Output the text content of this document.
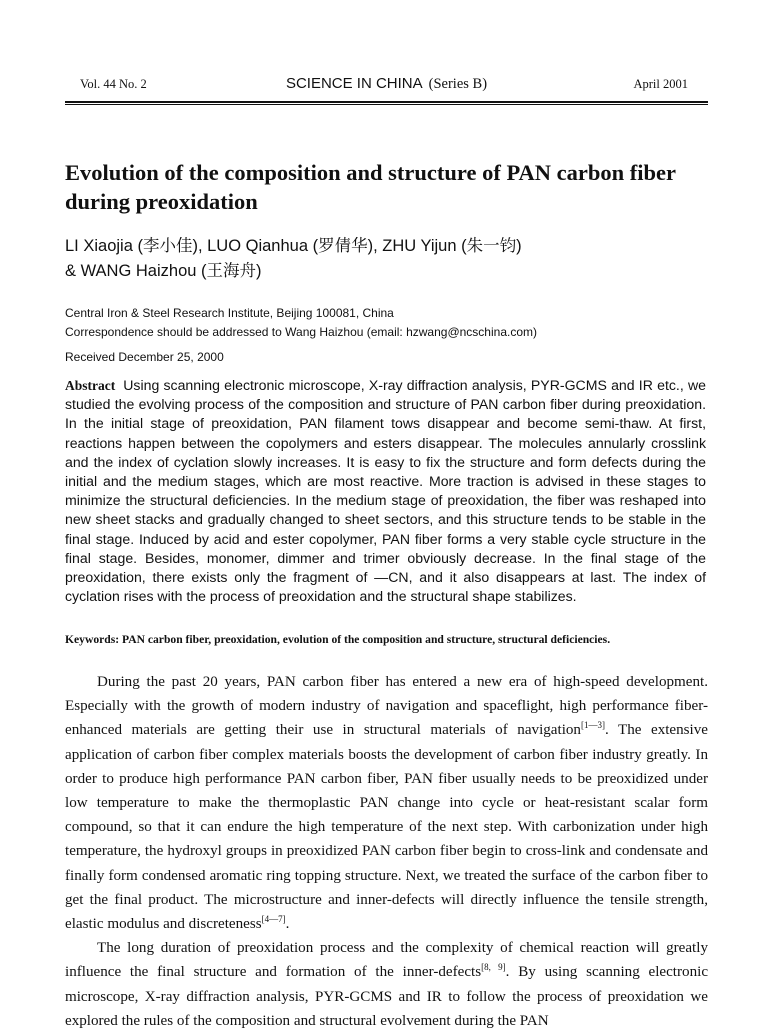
Vol. 44 No. 2	SCIENCE IN CHINA (Series B)	April 2001
Evolution of the composition and structure of PAN carbon fiber during preoxidation
LI Xiaojia (李小佳), LUO Qianhua (罗倩华), ZHU Yijun (朱一钧)
& WANG Haizhou (王海舟)
Central Iron & Steel Research Institute, Beijing 100081, China
Correspondence should be addressed to Wang Haizhou (email: hzwang@ncschina.com)
Received December 25, 2000

Abstract Using scanning electronic microscope, X-ray diffraction analysis, PYR-GCMS and IR etc., we studied the evolving process of the composition and structure of PAN carbon fiber during preoxidation. In the initial stage of preoxidation, PAN filament tows disappear and become semi-thaw. At first, reactions happen between the copolymers and esters disappear. The molecules annularly crosslink and the index of cyclation slowly increases. It is easy to fix the structure and form defects during the initial and the medium stages, which are most reactive. More traction is advised in these stages to minimize the structural deficiencies. In the medium stage of preoxidation, the fiber was reshaped into new sheet stacks and gradually changed to sheet sectors, and this structure tends to be stable in the final stage. Induced by acid and ester copolymer, PAN fiber forms a very stable cycle structure in the final stage. Besides, monomer, dimmer and trimer obviously decrease. In the final stage of the preoxidation, there exists only the fragment of —CN, and it also disappears at last. The index of cyclation rises with the process of preoxidation and the structural shape stabilizes.

Keywords: PAN carbon fiber, preoxidation, evolution of the composition and structure, structural deficiencies.

During the past 20 years, PAN carbon fiber has entered a new era of high-speed development. Especially with the growth of modern industry of navigation and spaceflight, high performance fiber-enhanced materials are getting their use in structural materials of navigation[1—3]. The extensive application of carbon fiber complex materials boosts the development of carbon fiber industry greatly. In order to produce high performance PAN carbon fiber, PAN fiber usually needs to be preoxidized under low temperature to make the thermoplastic PAN change into cycle or heat-resistant scalar form compound, so that it can endure the high temperature of the next step. With carbonization under high temperature, the hydroxyl groups in preoxidized PAN carbon fiber begin to cross-link and condensate and finally form condensed aromatic ring topping structure. Next, we treated the surface of the carbon fiber to get the final product. The microstructure and inner-defects will directly influence the tensile strength, elastic modulus and discreteness[4—7].

The long duration of preoxidation process and the complexity of chemical reaction will greatly influence the final structure and formation of the inner-defects[8, 9]. By using scanning electronic microscope, X-ray diffraction analysis, PYR-GCMS and IR to follow the process of preoxidation we explored the rules of the composition and structural evolvement during the PAN
